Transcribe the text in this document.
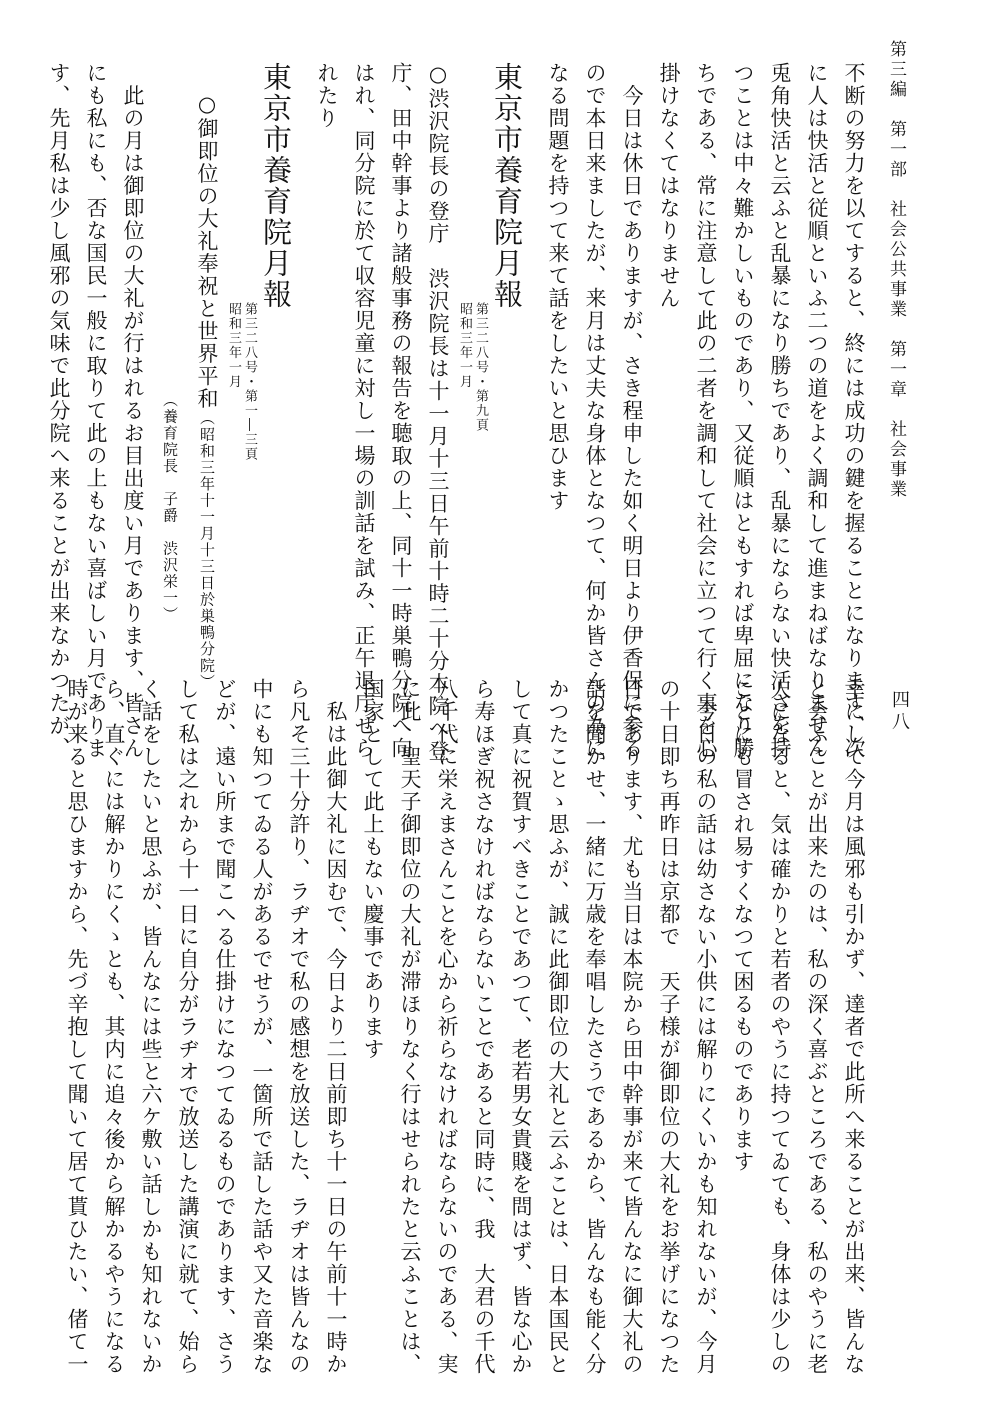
第三編　第一部　社会公共事業　第一章　社会事業
四八
不断の努力を以てすると、終には成功の鍵を握ることになります、次
に人は快活と従順といふ二つの道をよく調和して進まねばなりません
兎角快活と云ふと乱暴になり勝ちであり、乱暴にならない快活さを持
つことは中々難かしいものであり、又従順はともすれば卑屈になり勝
ちである、常に注意して此の二者を調和して社会に立つて行く事を心
掛けなくてはなりません
　今日は休日でありますが、さき程申した如く明日より伊香保に参る
ので本日来ましたが、来月は丈夫な身体となつて、何か皆さんの為に
なる問題を持つて来て話をしたいと思ひます
東京市養育院月報
第三二八号・第九頁
昭和三年一月
○渋沢院長の登庁　渋沢院長は十一月十三日午前十時二十分本院へ登
庁、田中幹事より諸般事務の報告を聴取の上、同十一時巣鴨分院へ向
はれ、同分院に於て収容児童に対し一場の訓話を試み、正午退庁せら
れたり
東京市養育院月報
第三二八号・第一―三頁
昭和三年一月
○御即位の大礼奉祝と世界平和（昭和三年十一月十三日於巣鴨分院）
（養育院長　子爵　渋沢栄一）
　此の月は御即位の大礼が行はれるお目出度い月であります、皆さん
にも私にも、否な国民一般に取りて此の上もない喜ばしい月でありま
す、先月私は少し風邪の気味で此分院へ来ることが出来なかつたが、
幸にして今月は風邪も引かず、達者で此所へ来ることが出来、皆んな
と会ふことが出来たのは、私の深く喜ぶところである、私のやうに老
人になると、気は確かりと若者のやうに持つてゐても、身体は少しの
ことにも冒され易すくなつて困るものであります
　今日の私の話は幼さない小供には解りにくいかも知れないが、今月
の十日即ち再昨日は京都で　天子様が御即位の大礼をお挙げになつた
日であります、尤も当日は本院から田中幹事が来て皆んなに御大礼の
話を聞かせ、一緒に万歳を奉唱したさうであるから、皆んなも能く分
かつたことゝ思ふが、誠に此御即位の大礼と云ふことは、日本国民と
して真に祝賀すべきことであつて、老若男女貴賤を問はず、皆な心か
ら寿ほぎ祝さなければならないことであると同時に、我　大君の千代
八千代に栄えまさんことを心から祈らなければならないのである、実
に此　聖天子御即位の大礼が滞ほりなく行はせられたと云ふことは、
国家として此上もない慶事であります
　私は此御大礼に因むで、今日より二日前即ち十一日の午前十一時か
ら凡そ三十分許り、ラヂオで私の感想を放送した、ラヂオは皆んなの
中にも知つてゐる人があるでせうが、一箇所で話した話や又た音楽な
どが、遠い所まで聞こへる仕掛けになつてゐるものであります、さう
して私は之れから十一日に自分がラヂオで放送した講演に就て、始ら
く話をしたいと思ふが、皆んなには些と六ケ敷い話しかも知れないか
ら、直ぐには解かりにくゝとも、其内に追々後から解かるやうになる
時が来ると思ひますから、先づ辛抱して聞いて居て貰ひたい、偖て一
